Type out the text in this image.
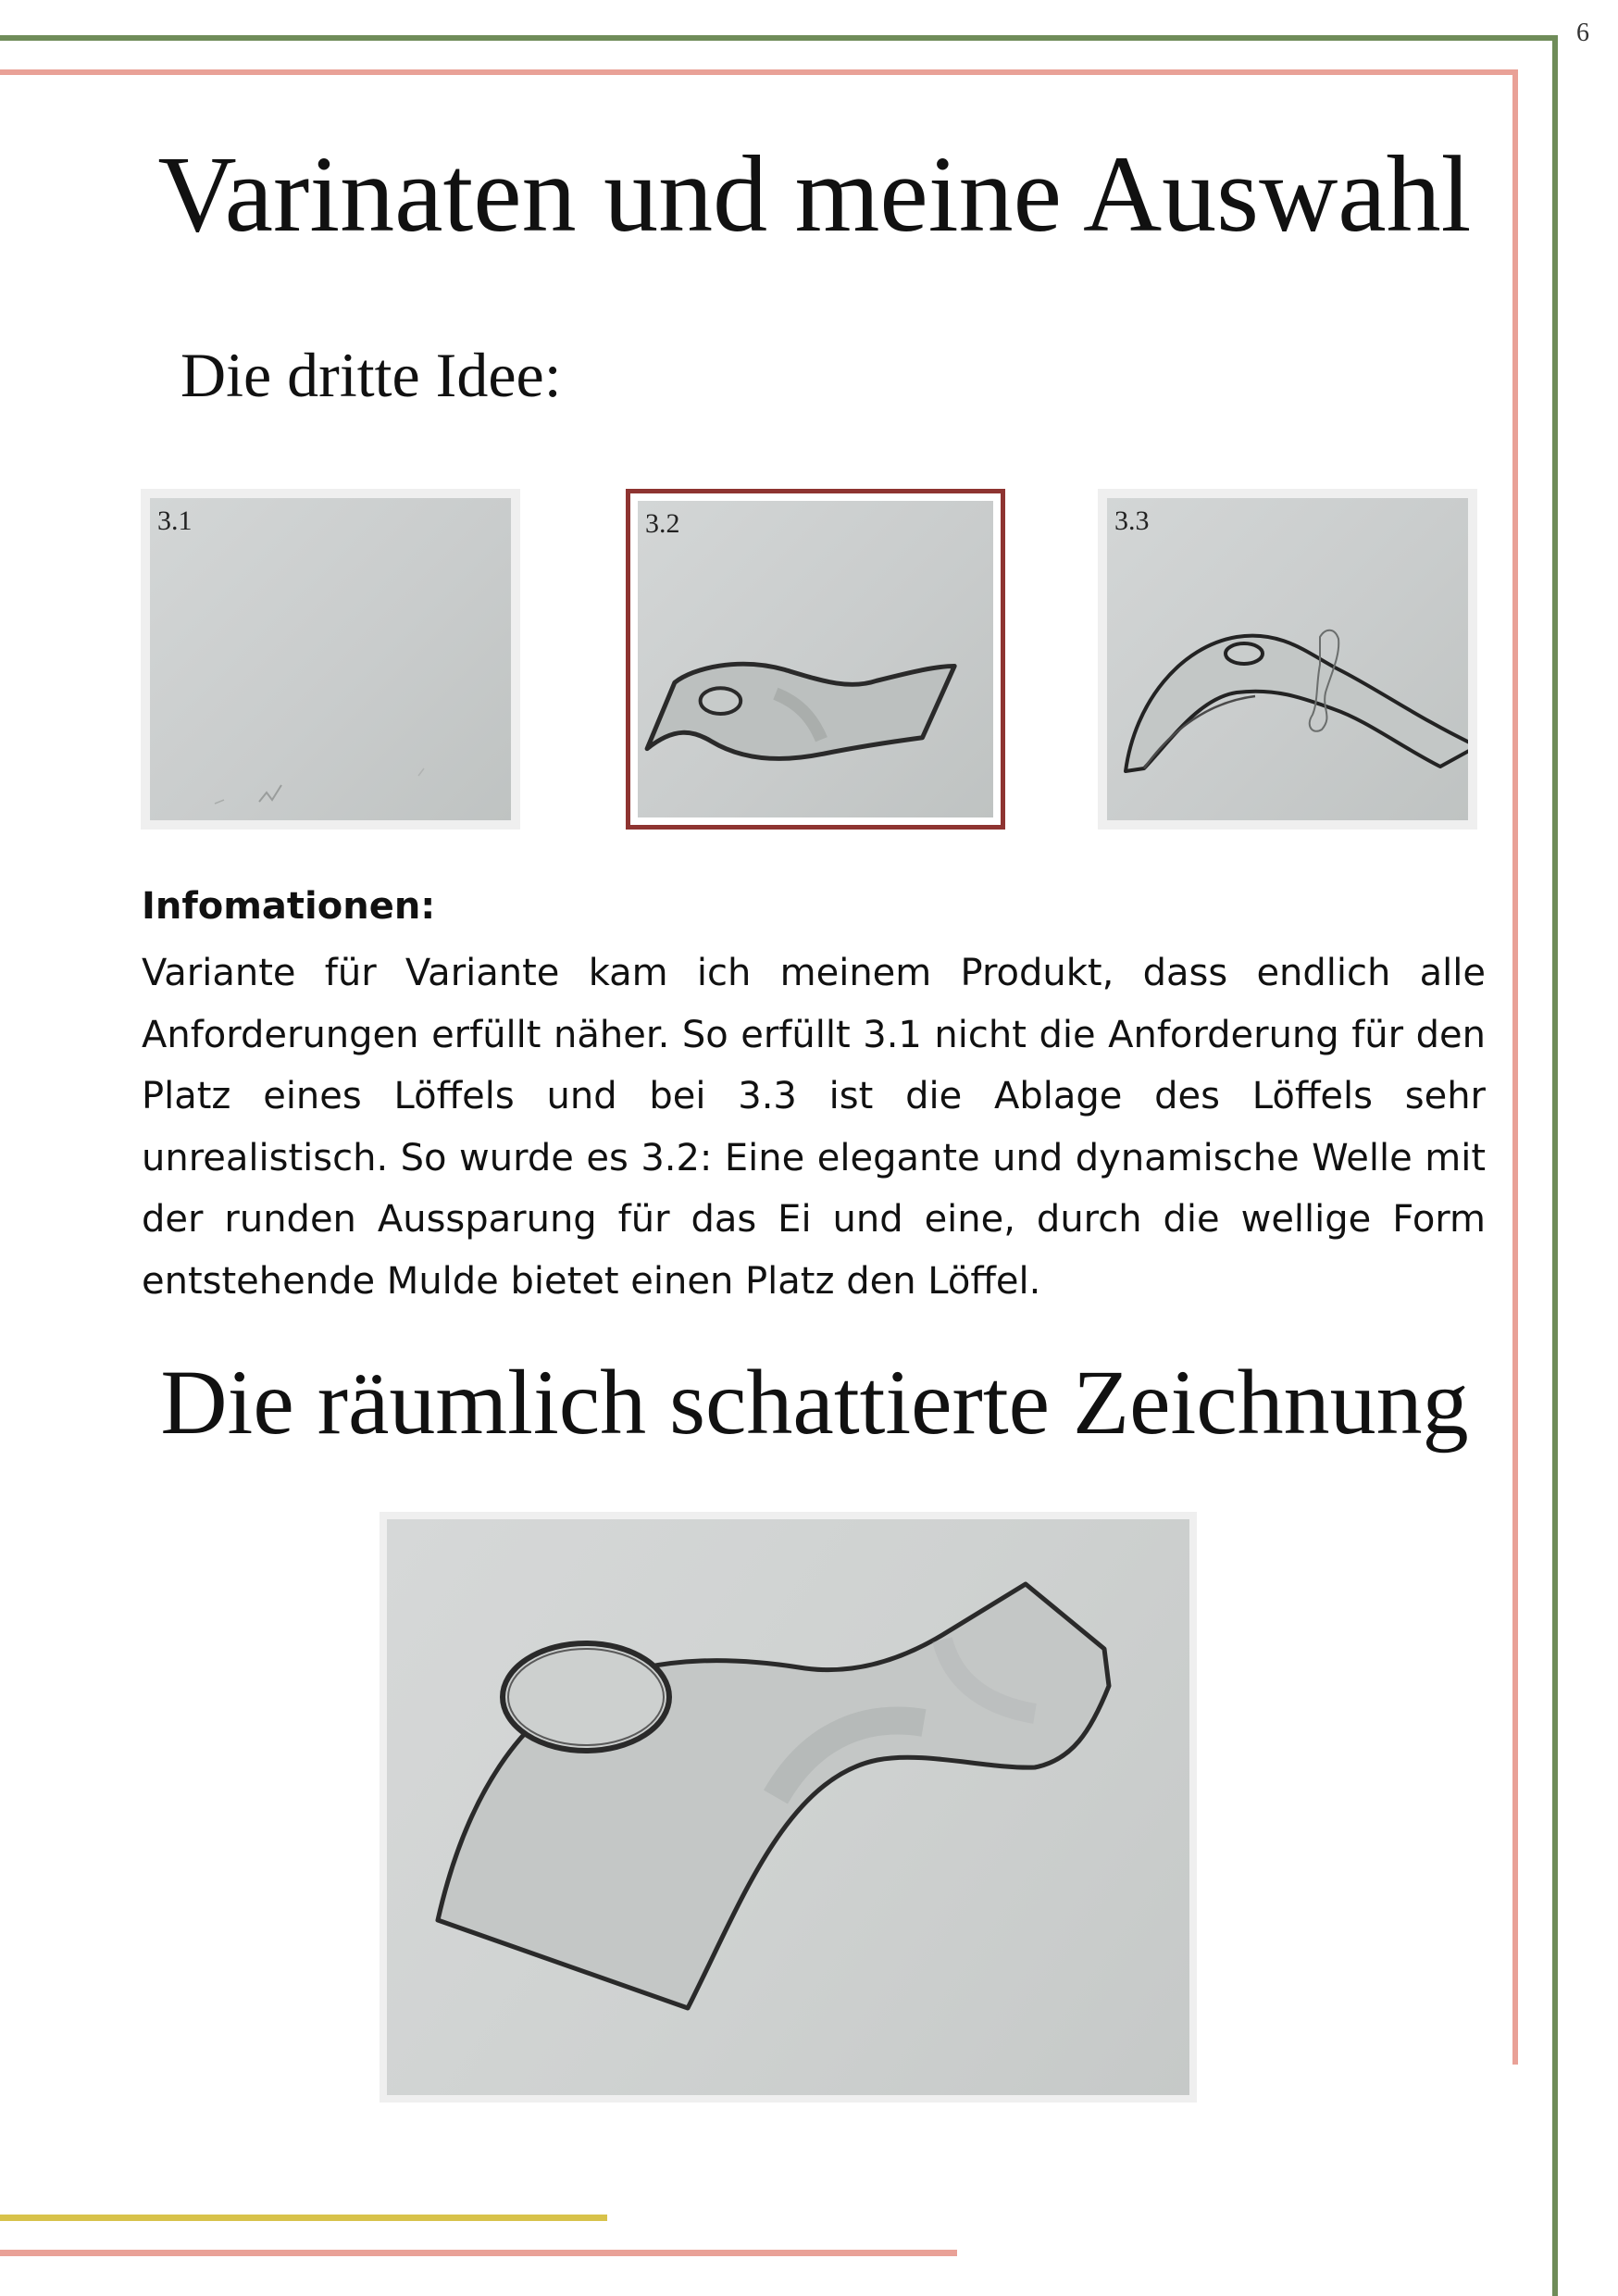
6
Varinaten und meine Auswahl
Die dritte Idee:
3.1	3.2	3.3
Infomationen:
Variante für Variante kam ich meinem Produkt, dass endlich alle Anforderungen erfüllt näher. So erfüllt 3.1 nicht die Anforderung für den Platz eines Löffels und bei 3.3 ist die Ablage des Löffels sehr unrealistisch. So wurde es 3.2: Eine elegante und dynamische Welle mit der runden Aussparung für das Ei und eine, durch die wellige Form entstehende Mulde bietet einen Platz den Löffel.
Die räumlich schattierte Zeichnung
